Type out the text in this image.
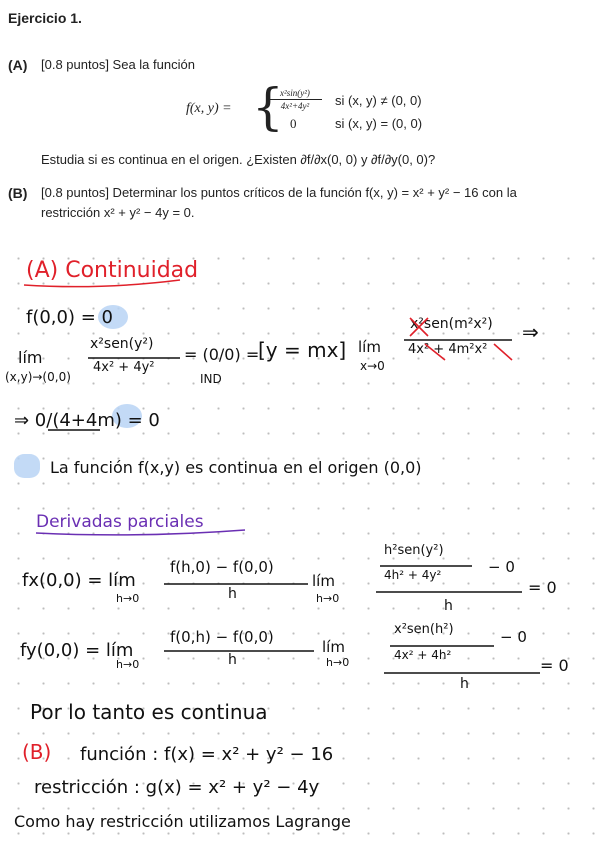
Ejercicio 1.
(A) [0.8 puntos] Sea la función
f(x, y) = {
x²sin(y²)
4x²+4y²	si (x, y) ≠ (0, 0)
0	si (x, y) = (0, 0)
Estudia si es continua en el origen. ¿Existen ∂f/∂x(0, 0) y ∂f/∂y(0, 0)?
(B) [0.8 puntos] Determinar los puntos críticos de la función f(x, y) = x² + y² − 16 con la
restricción x² + y² − 4y = 0.
(A) Continuidad
f(0,0) = 0
lím
(x,y)→(0,0)
x²sen(y²)
4x² + 4y²
= (0/0) =
IND
[y = mx] lím
x→0
x²sen(m²x²)
4x² + 4m²x²
⇒
⇒ 0/(4+4m) = 0
La función f(x,y) es continua en el origen (0,0)
Derivadas parciales
fx(0,0) = lím
h→0
f(h,0) − f(0,0)
h
lím
h→0
h²sen(y²)
4h² + 4y²	− 0
h
= 0
fy(0,0) = lím
h→0
f(0,h) − f(0,0)
h
lím
h→0
x²sen(h²)
4x² + 4h²
− 0
h
= 0
Por lo tanto es continua
(B) función : f(x) = x² + y² − 16
restricción : g(x) = x² + y² − 4y
Como hay restricción utilizamos Lagrange
